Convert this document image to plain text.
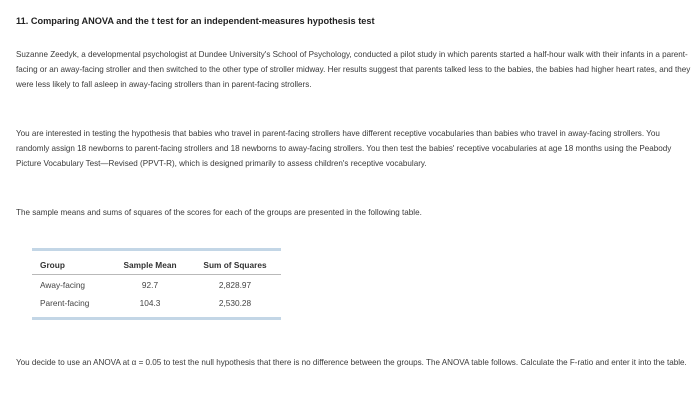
11. Comparing ANOVA and the t test for an independent-measures hypothesis test

Suzanne Zeedyk, a developmental psychologist at Dundee University's School of Psychology, conducted a pilot study in which parents started a half-hour walk with their infants in a parent-facing or an away-facing stroller and then switched to the other type of stroller midway. Her results suggest that parents talked less to the babies, the babies had higher heart rates, and they were less likely to fall asleep in away-facing strollers than in parent-facing strollers.

You are interested in testing the hypothesis that babies who travel in parent-facing strollers have different receptive vocabularies than babies who travel in away-facing strollers. You randomly assign 18 newborns to parent-facing strollers and 18 newborns to away-facing strollers. You then test the babies' receptive vocabularies at age 18 months using the Peabody Picture Vocabulary Test—Revised (PPVT-R), which is designed primarily to assess children's receptive vocabulary.

The sample means and sums of squares of the scores for each of the groups are presented in the following table.

Group	Sample Mean	Sum of Squares
Away-facing	92.7	2,828.97
Parent-facing	104.3	2,530.28

You decide to use an ANOVA at α = 0.05 to test the null hypothesis that there is no difference between the groups. The ANOVA table follows. Calculate the F-ratio and enter it into the table.
